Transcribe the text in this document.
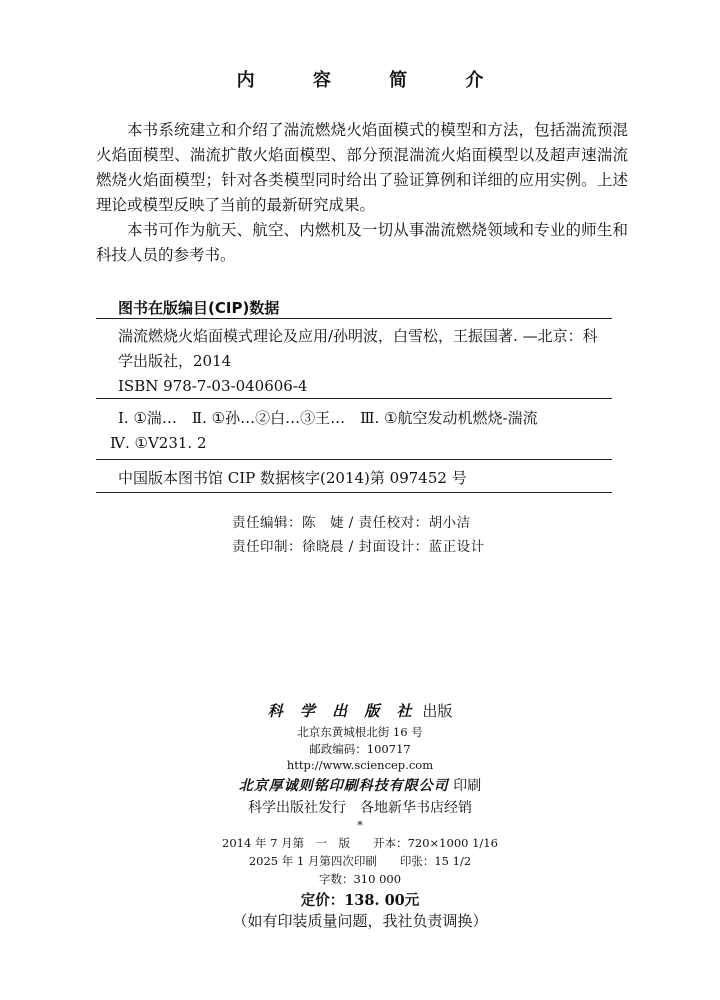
内 容 简 介

本书系统建立和介绍了湍流燃烧火焰面模式的模型和方法，包括湍流预混火焰面模型、湍流扩散火焰面模型、部分预混湍流火焰面模型以及超声速湍流燃烧火焰面模型；针对各类模型同时给出了验证算例和详细的应用实例。上述理论或模型反映了当前的最新研究成果。

本书可作为航天、航空、内燃机及一切从事湍流燃烧领域和专业的师生和科技人员的参考书。

图书在版编目(CIP)数据
湍流燃烧火焰面模式理论及应用/孙明波，白雪松，王振国著. —北京：科学出版社，2014
ISBN 978-7-03-040606-4
Ⅰ. ①湍…　Ⅱ. ①孙…②白…③王…　Ⅲ. ①航空发动机燃烧-湍流
Ⅳ. ①V231. 2
中国版本图书馆 CIP 数据核字(2014)第 097452 号
责任编辑：陈　婕 / 责任校对：胡小洁
责任印制：徐晓晨 / 封面设计：蓝正设计
科 学 出 版 社 出版
北京东黄城根北街 16 号
邮政编码：100717
http://www.sciencep.com
北京厚诚则铭印刷科技有限公司 印刷
科学出版社发行　各地新华书店经销
*
2014 年 7 月第　一　版　　开本：720×1000 1/16
2025 年 1 月第四次印刷　　印张：15 1/2
字数：310 000
定价：138. 00元
（如有印装质量问题，我社负责调换）
